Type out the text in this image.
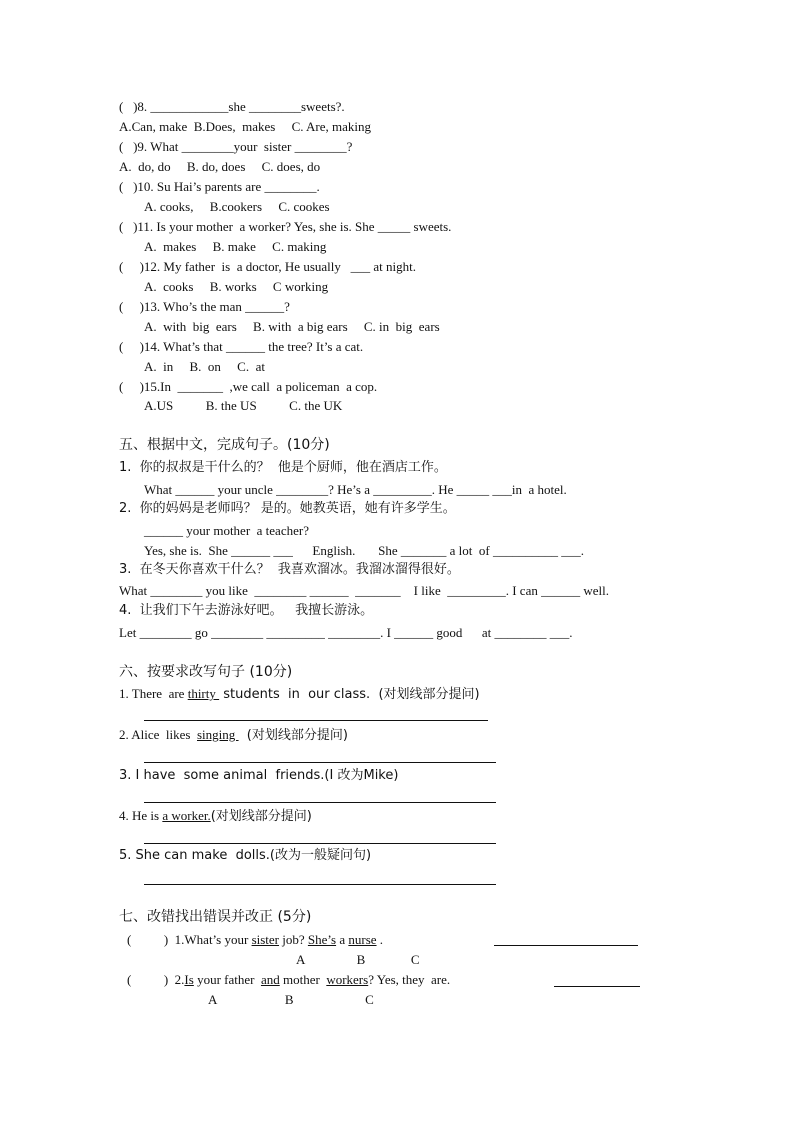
(   )8. ____________she ________sweets?.
A.Can, make  B.Does,  makes     C. Are, making
(   )9. What ________your  sister ________?
A.  do, do     B. do, does     C. does, do
(   )10. Su Hai’s parents are ________.
A. cooks,     B.cookers     C. cookes
(   )11. Is your mother  a worker? Yes, she is. She _____ sweets.
A.  makes     B. make     C. making
(     )12. My father  is  a doctor, He usually   ___ at night.
A.  cooks     B. works     C working
(     )13. Who’s the man ______?
A.  with  big  ears     B. with  a big ears     C. in  big  ears
(     )14. What’s that ______ the tree? It’s a cat.
A.  in     B.  on     C.  at
(     )15.In  _______  ,we call  a policeman  a cop.
A.US          B. the US          C. the UK
五、根据中文，完成句子。(10分)
1.  你的叔叔是干什么的？  他是个厨师，他在酒店工作。
What ______ your uncle ________? He’s a _________. He _____ ___in  a hotel.
2.  你的妈妈是老师吗？ 是的。她教英语，她有许多学生。
______ your mother  a teacher?
Yes, she is.  She ______ ___      English.       She _______ a lot  of __________ ___.
3.  在冬天你喜欢干什么？  我喜欢溜冰。我溜冰溜得很好。
What ________ you like  ________ ______  _______    I like  _________. I can ______ well.
4.  让我们下午去游泳好吧。   我擅长游泳。
Let ________ go ________ _________ ________. I ______ good      at ________ ___.
六、按要求改写句子 (10分)
1. There  are thirty  students  in  our class.  (对划线部分提问)
2. Alice  likes  singing   (对划线部分提问)
3. I have  some animal  friends.(I 改为Mike)
4. He is a worker.(对划线部分提问)
5. She can make  dolls.(改为一般疑问句)
七、改错找出错误并改正 (5分)
(          )  1.What’s your sister job? She’s a nurse .
A                B              C
(          )  2.Is your father  and mother  workers? Yes, they  are.
A                     B                      C
